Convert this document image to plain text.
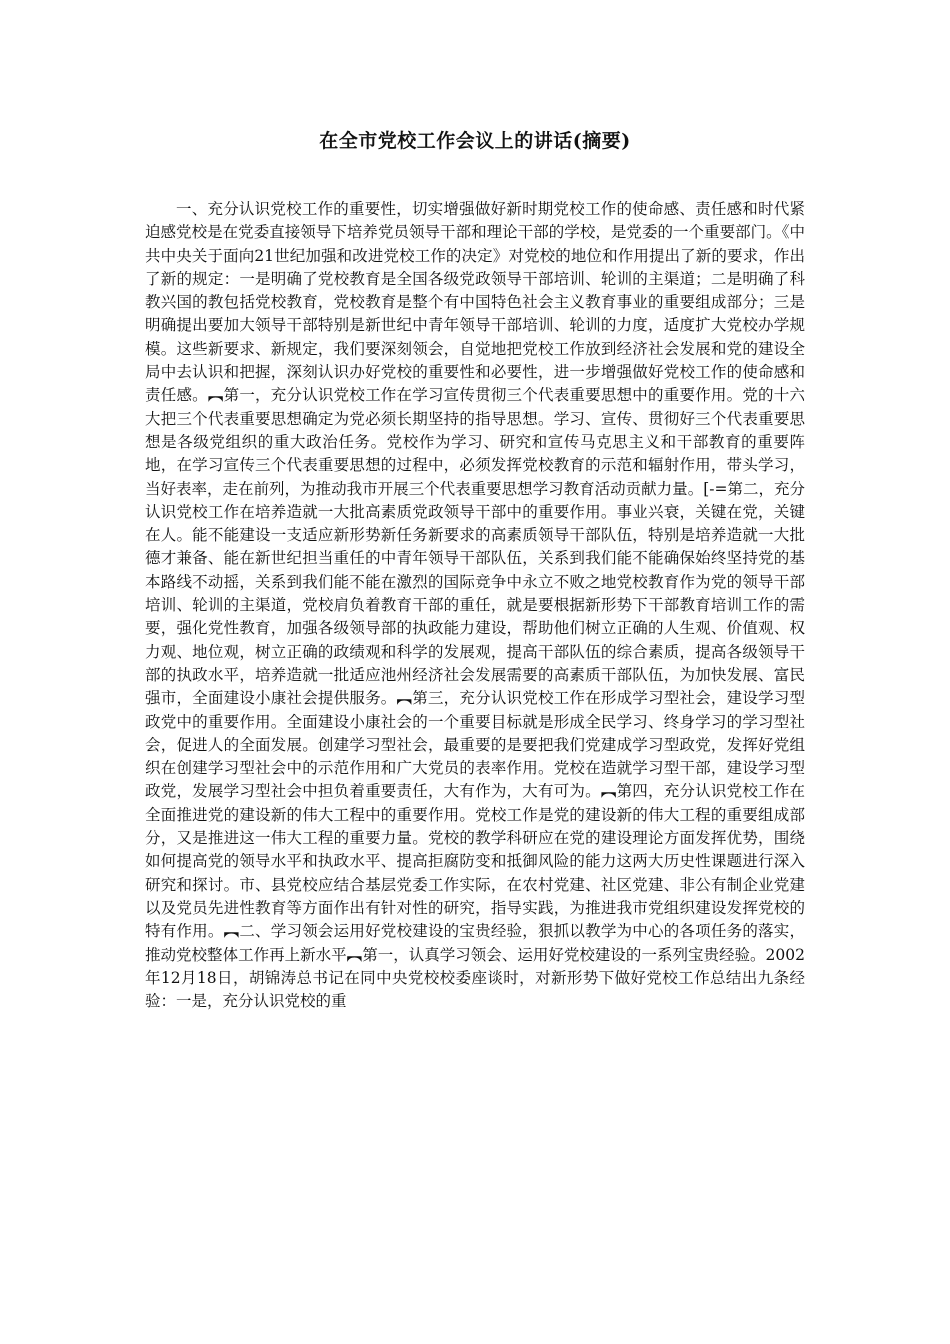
在全市党校工作会议上的讲话(摘要)

一、充分认识党校工作的重要性，切实增强做好新时期党校工作的使命感、责任感和时代紧迫感党校是在党委直接领导下培养党员领导干部和理论干部的学校，是党委的一个重要部门。《中共中央关于面向21世纪加强和改进党校工作的决定》对党校的地位和作用提出了新的要求，作出了新的规定：一是明确了党校教育是全国各级党政领导干部培训、轮训的主渠道；二是明确了科教兴国的教包括党校教育，党校教育是整个有中国特色社会主义教育事业的重要组成部分；三是明确提出要加大领导干部特别是新世纪中青年领导干部培训、轮训的力度，适度扩大党校办学规模。这些新要求、新规定，我们要深刻领会，自觉地把党校工作放到经济社会发展和党的建设全局中去认识和把握，深刻认识办好党校的重要性和必要性，进一步增强做好党校工作的使命感和责任感。︻第一，充分认识党校工作在学习宣传贯彻三个代表重要思想中的重要作用。党的十六大把三个代表重要思想确定为党必须长期坚持的指导思想。学习、宣传、贯彻好三个代表重要思想是各级党组织的重大政治任务。党校作为学习、研究和宣传马克思主义和干部教育的重要阵地，在学习宣传三个代表重要思想的过程中，必须发挥党校教育的示范和辐射作用，带头学习，当好表率，走在前列，为推动我市开展三个代表重要思想学习教育活动贡献力量。[-=第二，充分认识党校工作在培养造就一大批高素质党政领导干部中的重要作用。事业兴衰，关键在党，关键在人。能不能建设一支适应新形势新任务新要求的高素质领导干部队伍，特别是培养造就一大批德才兼备、能在新世纪担当重任的中青年领导干部队伍，关系到我们能不能确保始终坚持党的基本路线不动摇，关系到我们能不能在激烈的国际竞争中永立不败之地党校教育作为党的领导干部培训、轮训的主渠道，党校肩负着教育干部的重任，就是要根据新形势下干部教育培训工作的需要，强化党性教育，加强各级领导部的执政能力建设，帮助他们树立正确的人生观、价值观、权力观、地位观，树立正确的政绩观和科学的发展观，提高干部队伍的综合素质，提高各级领导干部的执政水平，培养造就一批适应池州经济社会发展需要的高素质干部队伍，为加快发展、富民强市，全面建设小康社会提供服务。︻第三，充分认识党校工作在形成学习型社会，建设学习型政党中的重要作用。全面建设小康社会的一个重要目标就是形成全民学习、终身学习的学习型社会，促进人的全面发展。创建学习型社会，最重要的是要把我们党建成学习型政党，发挥好党组织在创建学习型社会中的示范作用和广大党员的表率作用。党校在造就学习型干部，建设学习型政党，发展学习型社会中担负着重要责任，大有作为，大有可为。︻第四，充分认识党校工作在全面推进党的建设新的伟大工程中的重要作用。党校工作是党的建设新的伟大工程的重要组成部分，又是推进这一伟大工程的重要力量。党校的教学科研应在党的建设理论方面发挥优势，围绕如何提高党的领导水平和执政水平、提高拒腐防变和抵御风险的能力这两大历史性课题进行深入研究和探讨。市、县党校应结合基层党委工作实际，在农村党建、社区党建、非公有制企业党建以及党员先进性教育等方面作出有针对性的研究，指导实践，为推进我市党组织建设发挥党校的特有作用。︻二、学习领会运用好党校建设的宝贵经验，狠抓以教学为中心的各项任务的落实，推动党校整体工作再上新水平︻第一，认真学习领会、运用好党校建设的一系列宝贵经验。2002年12月18日，胡锦涛总书记在同中央党校校委座谈时，对新形势下做好党校工作总结出九条经验：一是，充分认识党校的重
